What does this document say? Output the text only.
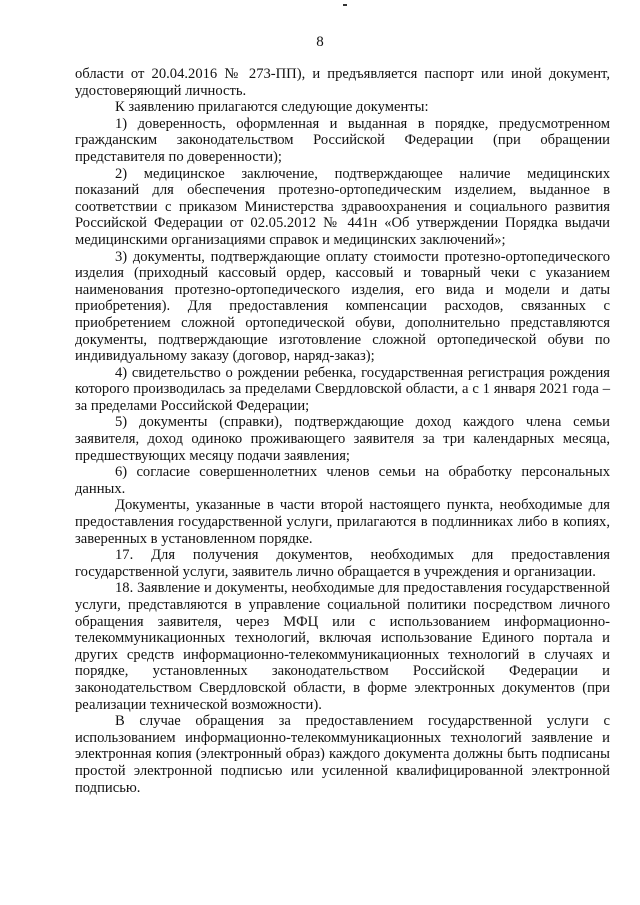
8

области от 20.04.2016 № 273-ПП), и предъявляется паспорт или иной документ, удостоверяющий личность.

К заявлению прилагаются следующие документы:

1) доверенность, оформленная и выданная в порядке, предусмотренном гражданским законодательством Российской Федерации (при обращении представителя по доверенности);

2) медицинское заключение, подтверждающее наличие медицинских показаний для обеспечения протезно-ортопедическим изделием, выданное в соответствии с приказом Министерства здравоохранения и социального развития Российской Федерации от 02.05.2012 № 441н «Об утверждении Порядка выдачи медицинскими организациями справок и медицинских заключений»;

3) документы, подтверждающие оплату стоимости протезно-ортопедического изделия (приходный кассовый ордер, кассовый и товарный чеки с указанием наименования протезно-ортопедического изделия, его вида и модели и даты приобретения). Для предоставления компенсации расходов, связанных с приобретением сложной ортопедической обуви, дополнительно представляются документы, подтверждающие изготовление сложной ортопедической обуви по индивидуальному заказу (договор, наряд-заказ);

4) свидетельство о рождении ребенка, государственная регистрация рождения которого производилась за пределами Свердловской области, а с 1 января 2021 года – за пределами Российской Федерации;

5) документы (справки), подтверждающие доход каждого члена семьи заявителя, доход одиноко проживающего заявителя за три календарных месяца, предшествующих месяцу подачи заявления;

6) согласие совершеннолетних членов семьи на обработку персональных данных.

Документы, указанные в части второй настоящего пункта, необходимые для предоставления государственной услуги, прилагаются в подлинниках либо в копиях, заверенных в установленном порядке.

17. Для получения документов, необходимых для предоставления государственной услуги, заявитель лично обращается в учреждения и организации.

18. Заявление и документы, необходимые для предоставления государственной услуги, представляются в управление социальной политики посредством личного обращения заявителя, через МФЦ или с использованием информационно-телекоммуникационных технологий, включая использование Единого портала и других средств информационно-телекоммуникационных технологий в случаях и порядке, установленных законодательством Российской Федерации и законодательством Свердловской области, в форме электронных документов (при реализации технической возможности).

В случае обращения за предоставлением государственной услуги с использованием информационно-телекоммуникационных технологий заявление и электронная копия (электронный образ) каждого документа должны быть подписаны простой электронной подписью или усиленной квалифицированной электронной подписью.
